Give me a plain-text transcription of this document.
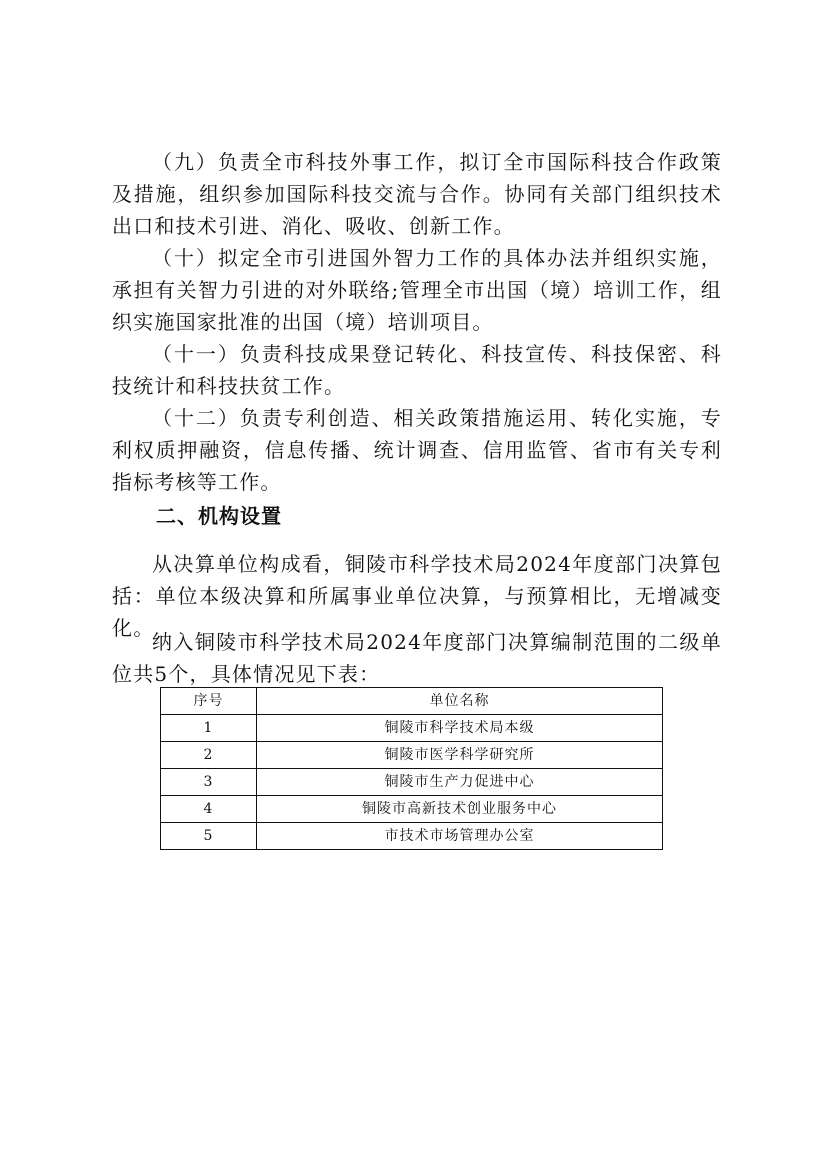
（九）负责全市科技外事工作，拟订全市国际科技合作政策及措施，组织参加国际科技交流与合作。协同有关部门组织技术出口和技术引进、消化、吸收、创新工作。

（十）拟定全市引进国外智力工作的具体办法并组织实施，承担有关智力引进的对外联络;管理全市出国（境）培训工作，组织实施国家批准的出国（境）培训项目。

（十一）负责科技成果登记转化、科技宣传、科技保密、科技统计和科技扶贫工作。

（十二）负责专利创造、相关政策措施运用、转化实施，专利权质押融资，信息传播、统计调查、信用监管、省市有关专利指标考核等工作。

二、机构设置

从决算单位构成看，铜陵市科学技术局2024年度部门决算包括：单位本级决算和所属事业单位决算，与预算相比，无增减变化。

纳入铜陵市科学技术局2024年度部门决算编制范围的二级单位共5个，具体情况见下表：

序号	单位名称
1	铜陵市科学技术局本级
2	铜陵市医学科学研究所
3	铜陵市生产力促进中心
4	铜陵市高新技术创业服务中心
5	市技术市场管理办公室
